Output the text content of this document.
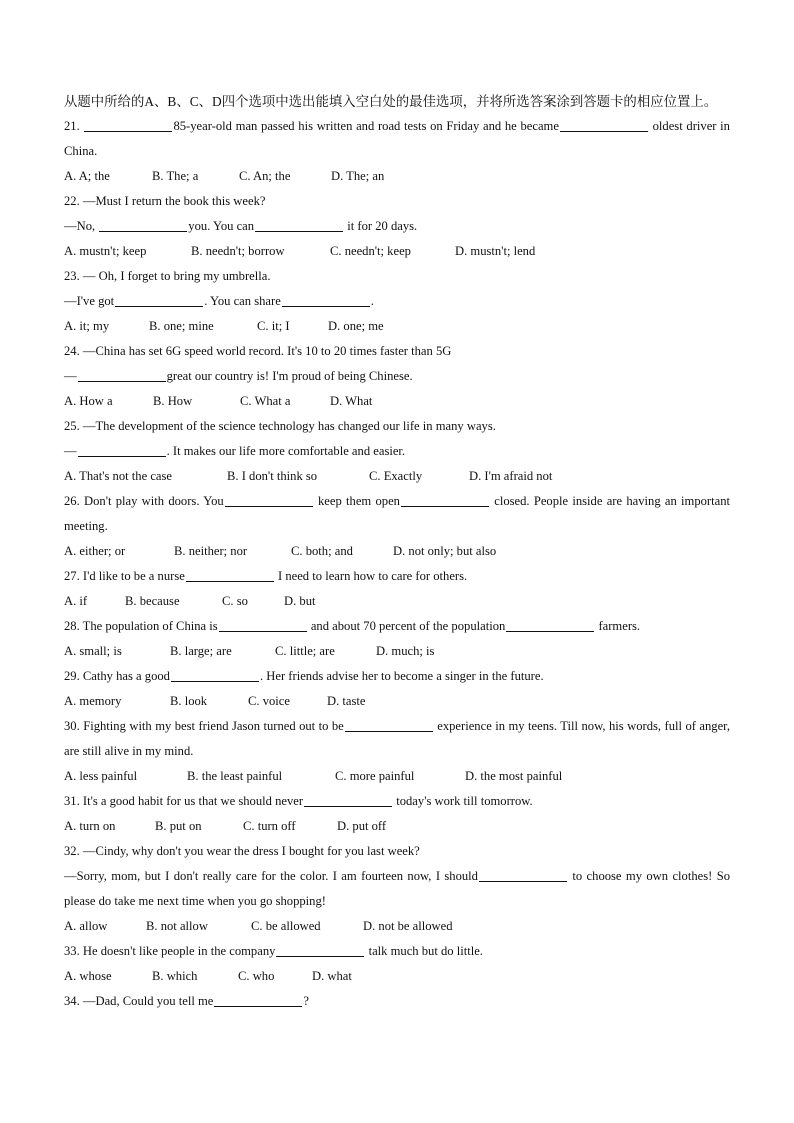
从题中所给的A、B、C、D四个选项中选出能填入空白处的最佳选项，并将所选答案涂到答题卡的相应位置上。
21.	85-year-old man passed his written and road tests on Friday and he became	oldest driver in China.
A. A; the	B. The; a	C. An; the	D. The; an
22. —Must I return the book this week?
—No,	you. You can	it for 20 days.
A. mustn't; keep	B. needn't; borrow	C. needn't; keep	D. mustn't; lend
23. — Oh, I forget to bring my umbrella.
—I've got	. You can share	.
A. it; my	B. one; mine	C. it; I	D. one; me
24. —China has set 6G speed world record. It's 10 to 20 times faster than 5G
—	great our country is! I'm proud of being Chinese.
A. How a	B. How	C. What a	D. What
25. —The development of the science technology has changed our life in many ways.
—	. It makes our life more comfortable and easier.
A. That's not the case	B. I don't think so	C. Exactly	D. I'm afraid not
26. Don't play with doors. You	keep them open	closed. People inside are having an important meeting.
A. either; or	B. neither; nor	C. both; and	D. not only; but also
27. I'd like to be a nurse	I need to learn how to care for others.
A. if	B. because	C. so	D. but
28. The population of China is	and about 70 percent of the population	farmers.
A. small; is	B. large; are	C. little; are	D. much; is
29. Cathy has a good	. Her friends advise her to become a singer in the future.
A. memory	B. look	C. voice	D. taste
30. Fighting with my best friend Jason turned out to be	experience in my teens. Till now, his words, full of anger, are still alive in my mind.
A. less painful	B. the least painful	C. more painful	D. the most painful
31. It's a good habit for us that we should never	today's work till tomorrow.
A. turn on	B. put on	C. turn off	D. put off
32. —Cindy, why don't you wear the dress I bought for you last week?
—Sorry, mom, but I don't really care for the color. I am fourteen now, I should	to choose my own clothes! So please do take me next time when you go shopping!
A. allow	B. not allow	C. be allowed	D. not be allowed
33. He doesn't like people in the company	talk much but do little.
A. whose	B. which	C. who	D. what
34. —Dad, Could you tell me	?
